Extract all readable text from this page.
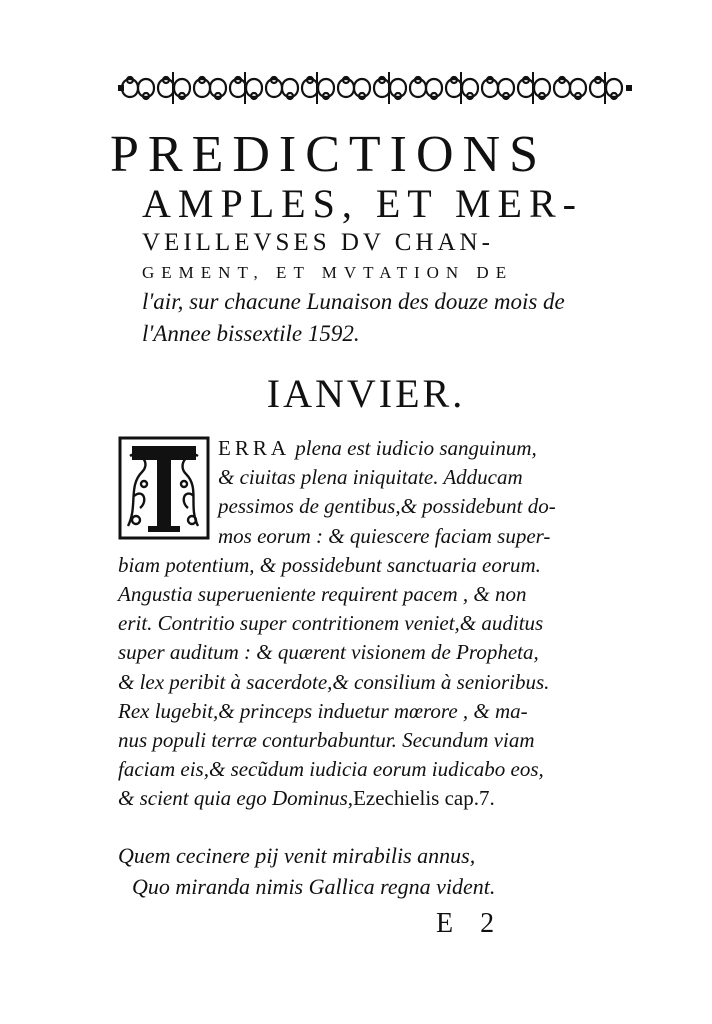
PREDICTIONS
AMPLES, ET MER-
VEILLEVSES DV CHAN-
GEMENT, ET MVTATION DE
l'air, sur chacune Lunaison des douze mois de
l'Annee bissextile 1592.
IANVIER.
T
ERRA plena est iudicio sanguinum,
& ciuitas plena iniquitate. Adducam
pessimos de gentibus,& possidebunt do-
mos eorum : & quiescere faciam super-
biam potentium, & possidebunt sanctuaria eorum.
Angustia superueniente requirent pacem , & non
erit. Contritio super contritionem veniet,& auditus
super auditum : & quærent visionem de Propheta,
& lex peribit à sacerdote,& consilium à senioribus.
Rex lugebit,& princeps induetur mœrore , & ma-
nus populi terræ conturbabuntur. Secundum viam
faciam eis,& secũdum iudicia eorum iudicabo eos,
& scient quia ego Dominus,Ezechielis cap.7.
Quem cecinere pij venit mirabilis annus,
Quo miranda nimis Gallica regna vident.
E 2
